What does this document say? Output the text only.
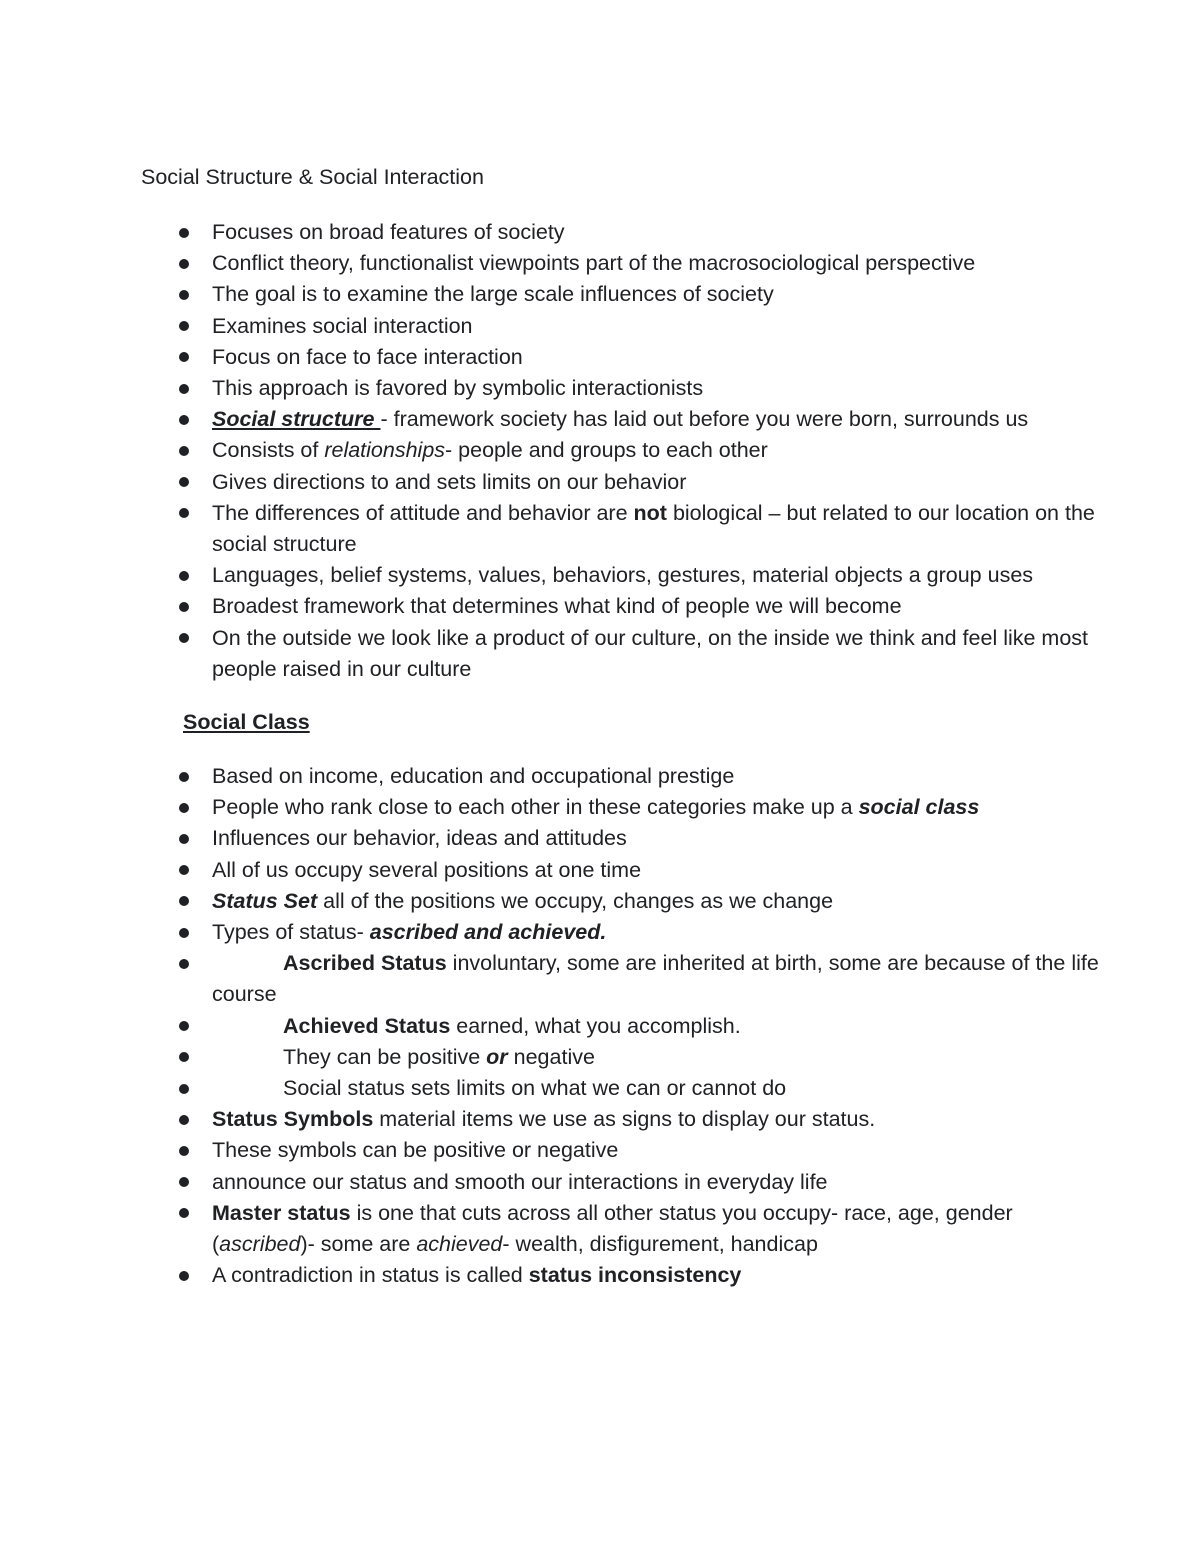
Social Structure & Social Interaction
Focuses on broad features of society
Conflict theory, functionalist viewpoints part of the macrosociological perspective
The goal is to examine the large scale influences of society
Examines social interaction
Focus on face to face interaction
This approach is favored by symbolic interactionists
Social structure - framework society has laid out before you were born, surrounds us
Consists of relationships- people and groups to each other
Gives directions to and sets limits on our behavior
The differences of attitude and behavior are not biological – but related to our location on the social structure
Languages, belief systems, values, behaviors, gestures, material objects a group uses
Broadest framework that determines what kind of people we will become
On the outside we look like a product of our culture, on the inside we think and feel like most people raised in our culture
Social Class
Based on income, education and occupational prestige
People who rank close to each other in these categories make up a social class
Influences our behavior, ideas and attitudes
All of us occupy several positions at one time
Status Set all of the positions we occupy, changes as we change
Types of status- ascribed and achieved.
Ascribed Status involuntary, some are inherited at birth, some are because of the life course
Achieved Status earned, what you accomplish.
They can be positive or negative
Social status sets limits on what we can or cannot do
Status Symbols material items we use as signs to display our status.
These symbols can be positive or negative
announce our status and smooth our interactions in everyday life
Master status is one that cuts across all other status you occupy- race, age, gender (ascribed)- some are achieved- wealth, disfigurement, handicap
A contradiction in status is called status inconsistency
